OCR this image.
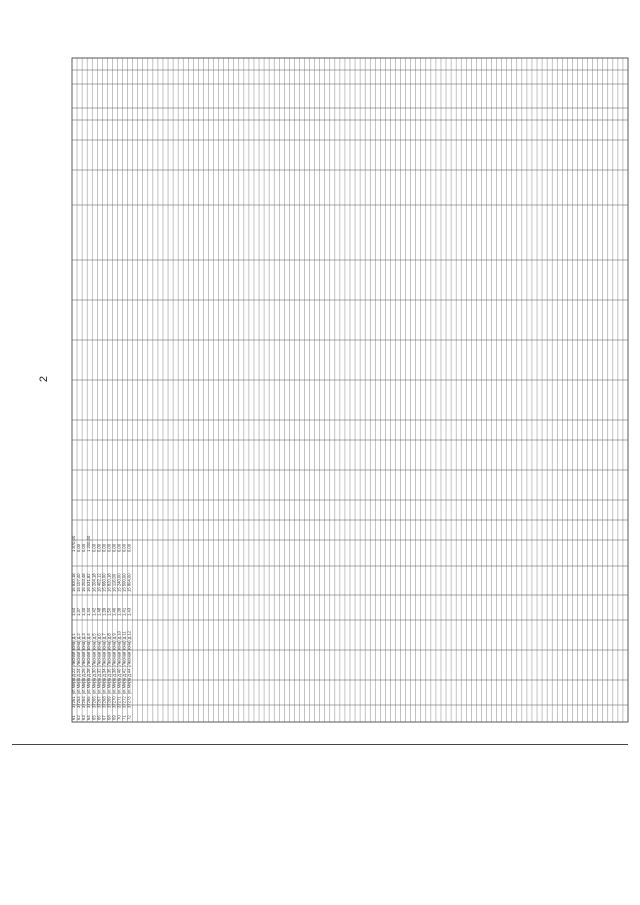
2
61
37261
ул.Мира д.22 (Лесная зона) д.1
1,54
16 820,18
1 870,00
62
37263
ул.Мира д.24 (Лесная зона) д.2
1,37
15 107,40
0,00
63
37264
ул.Мира д.26 (Лесная зона) д.3
1,40
16 203,48
0,00
64
37265
ул.Мира д.28 (Лесная зона) д.4
1,44
16 531,82
1 200,00
65
37266
ул.Мира д.30 (Лесная зона) д.5
1,42
16 204,18
0,00
66
37267
ул.Мира д.32 (Лесная зона) д.6
1,48
16 402,12
0,00
67
37268
ул.Мира д.34 (Лесная зона) д.7
1,39
15 660,00
0,00
68
37269
ул.Мира д.36 (Лесная зона) д.8
1,50
16 820,18
0,00
69
37270
ул.Мира д.38 (Лесная зона) д.9
1,46
16 110,00
0,00
70
37271
ул.Мира д.40 (Лесная зона) д.10
1,38
15 240,00
0,00
71
37272
ул.Мира д.42 (Лесная зона) д.11
1,41
15 500,00
0,00
72
37273
ул.Мира д.44 (Лесная зона) д.12
1,43
15 804,00
0,00
